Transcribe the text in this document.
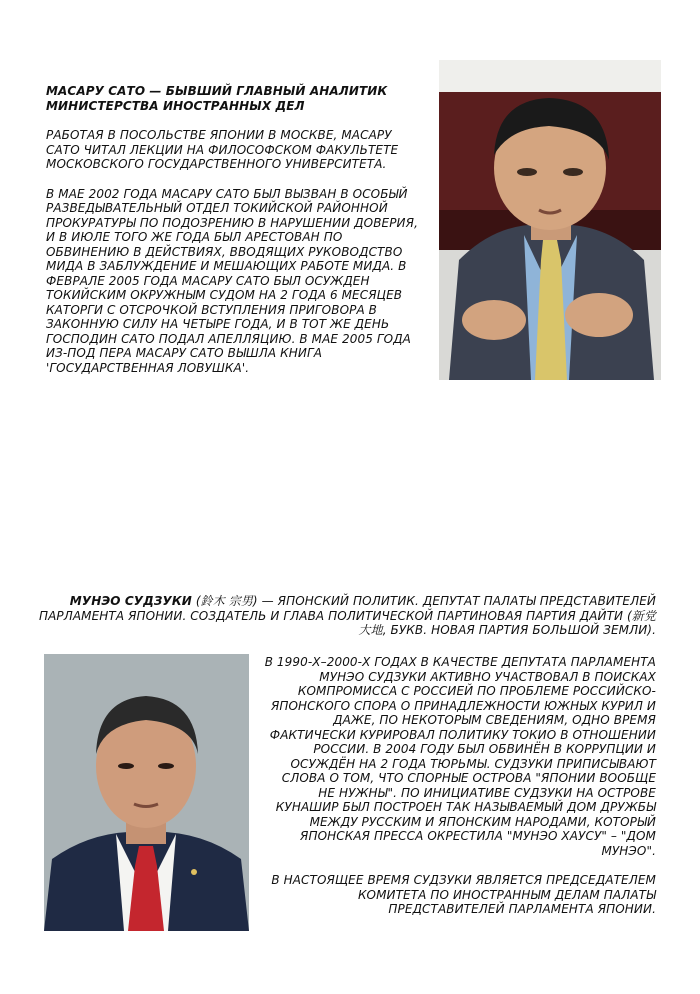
МАСАРУ САТО — БЫВШИЙ ГЛАВНЫЙ АНАЛИТИК МИНИСТЕРСТВА ИНОСТРАННЫХ ДЕЛ

РАБОТАЯ В ПОСОЛЬСТВЕ ЯПОНИИ В МОСКВЕ, МАСАРУ САТО ЧИТАЛ ЛЕКЦИИ НА ФИЛОСОФСКОМ ФАКУЛЬТЕТЕ МОСКОВСКОГО ГОСУДАРСТВЕННОГО УНИВЕРСИТЕТА.

В МАЕ 2002 ГОДА МАСАРУ САТО БЫЛ ВЫЗВАН В ОСОБЫЙ РАЗВЕДЫВАТЕЛЬНЫЙ ОТДЕЛ ТОКИЙСКОЙ РАЙОННОЙ ПРОКУРАТУРЫ ПО ПОДОЗРЕНИЮ В НАРУШЕНИИ ДОВЕРИЯ, И В ИЮЛЕ ТОГО ЖЕ ГОДА БЫЛ АРЕСТОВАН ПО ОБВИНЕНИЮ В ДЕЙСТВИЯХ, ВВОДЯЩИХ РУКОВОДСТВО МИДА В ЗАБЛУЖДЕНИЕ И МЕШАЮЩИХ РАБОТЕ МИДА. В ФЕВРАЛЕ 2005 ГОДА МАСАРУ САТО БЫЛ ОСУЖДЕН ТОКИЙСКИМ ОКРУЖНЫМ СУДОМ НА 2 ГОДА 6 МЕСЯЦЕВ КАТОРГИ С ОТСРОЧКОЙ ВСТУПЛЕНИЯ ПРИГОВОРА В ЗАКОННУЮ СИЛУ НА ЧЕТЫРЕ ГОДА, И В ТОТ ЖЕ ДЕНЬ ГОСПОДИН САТО ПОДАЛ АПЕЛЛЯЦИЮ. В МАЕ 2005 ГОДА ИЗ-ПОД ПЕРА МАСАРУ САТО ВЫШЛА КНИГА 'ГОСУДАРСТВЕННАЯ ЛОВУШКА'.

МУНЭО СУДЗУКИ (鈴木 宗男) — ЯПОНСКИЙ ПОЛИТИК. ДЕПУТАТ ПАЛАТЫ ПРЕДСТАВИТЕЛЕЙ ПАРЛАМЕНТА ЯПОНИИ. СОЗДАТЕЛЬ И ГЛАВА ПОЛИТИЧЕСКОЙ ПАРТИНОВАЯ ПАРТИЯ ДАЙТИ (新党大地, БУКВ. НОВАЯ ПАРТИЯ БОЛЬШОЙ ЗЕМЛИ).

В 1990-Х–2000-Х ГОДАХ В КАЧЕСТВЕ ДЕПУТАТА ПАРЛАМЕНТА МУНЭО СУДЗУКИ АКТИВНО УЧАСТВОВАЛ В ПОИСКАХ КОМПРОМИССА С РОССИЕЙ ПО ПРОБЛЕМЕ РОССИЙСКО-ЯПОНСКОГО СПОРА О ПРИНАДЛЕЖНОСТИ ЮЖНЫХ КУРИЛ И ДАЖЕ, ПО НЕКОТОРЫМ СВЕДЕНИЯМ, ОДНО ВРЕМЯ ФАКТИЧЕСКИ КУРИРОВАЛ ПОЛИТИКУ ТОКИО В ОТНОШЕНИИ РОССИИ. В 2004 ГОДУ БЫЛ ОБВИНЁН В КОРРУПЦИИ И ОСУЖДЁН НА 2 ГОДА ТЮРЬМЫ. СУДЗУКИ ПРИПИСЫВАЮТ СЛОВА О ТОМ, ЧТО СПОРНЫЕ ОСТРОВА "ЯПОНИИ ВООБЩЕ НЕ НУЖНЫ". ПО ИНИЦИАТИВЕ СУДЗУКИ НА ОСТРОВЕ КУНАШИР БЫЛ ПОСТРОЕН ТАК НАЗЫВАЕМЫЙ ДОМ ДРУЖБЫ МЕЖДУ РУССКИМ И ЯПОНСКИМ НАРОДАМИ, КОТОРЫЙ ЯПОНСКАЯ ПРЕССА ОКРЕСТИЛА "МУНЭО ХАУСУ" – "ДОМ МУНЭО".

В НАСТОЯЩЕЕ ВРЕМЯ СУДЗУКИ ЯВЛЯЕТСЯ ПРЕДСЕДАТЕЛЕМ КОМИТЕТА ПО ИНОСТРАННЫМ ДЕЛАМ ПАЛАТЫ ПРЕДСТАВИТЕЛЕЙ ПАРЛАМЕНТА ЯПОНИИ.
